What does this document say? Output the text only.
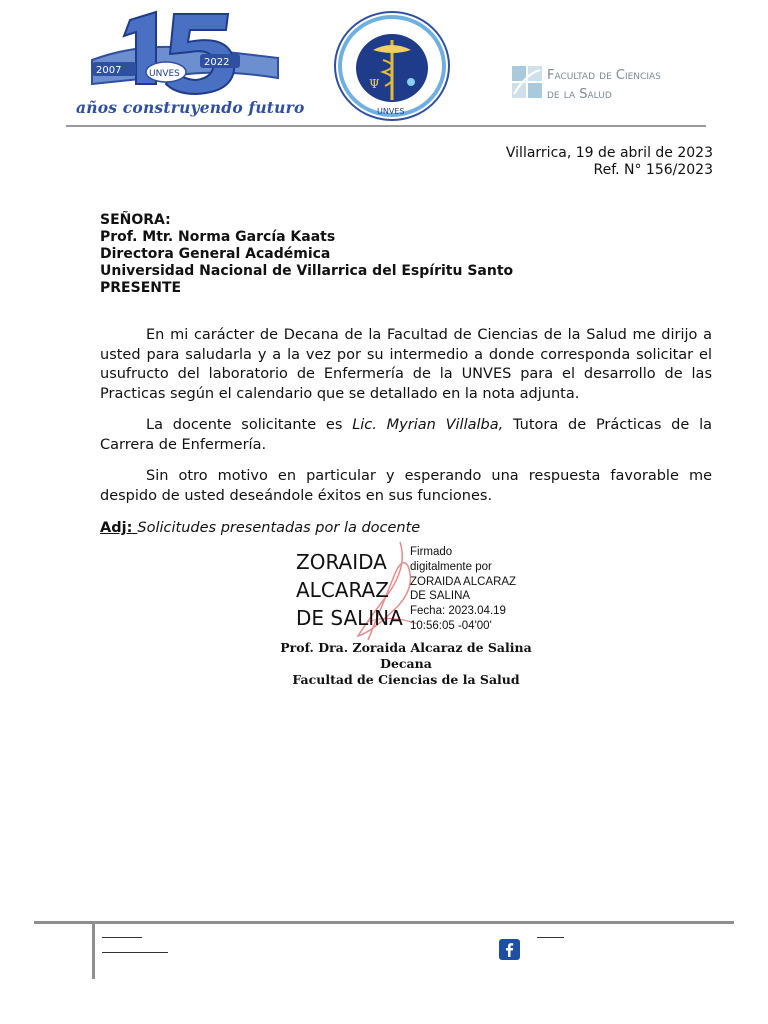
2007
2022
UNVES
años construyendo futuro
Ψ
UNVES
Facultad de Ciencias
de la Salud
Villarrica, 19 de abril de 2023
Ref. N° 156/2023
SEÑORA:
Prof. Mtr. Norma García Kaats
Directora General Académica
Universidad Nacional de Villarrica del Espíritu Santo
PRESENTE
En mi carácter de Decana de la Facultad de Ciencias de la Salud me dirijo a usted para saludarla y a la vez por su intermedio a donde corresponda solicitar el usufructo del laboratorio de Enfermería de la UNVES para el desarrollo de las Practicas según el calendario que se detallado en la nota adjunta.
La docente solicitante es Lic. Myrian Villalba, Tutora de Prácticas de la Carrera de Enfermería.
Sin otro motivo en particular y esperando una respuesta favorable me despido de usted deseándole éxitos en sus funciones.
Adj: Solicitudes presentadas por la docente
ZORAIDA
ALCARAZ
DE SALINA
Firmado
digitalmente por
ZORAIDA ALCARAZ
DE SALINA
Fecha: 2023.04.19
10:56:05 -04'00'
Prof. Dra. Zoraida Alcaraz de Salina
Decana
Facultad de Ciencias de la Salud
